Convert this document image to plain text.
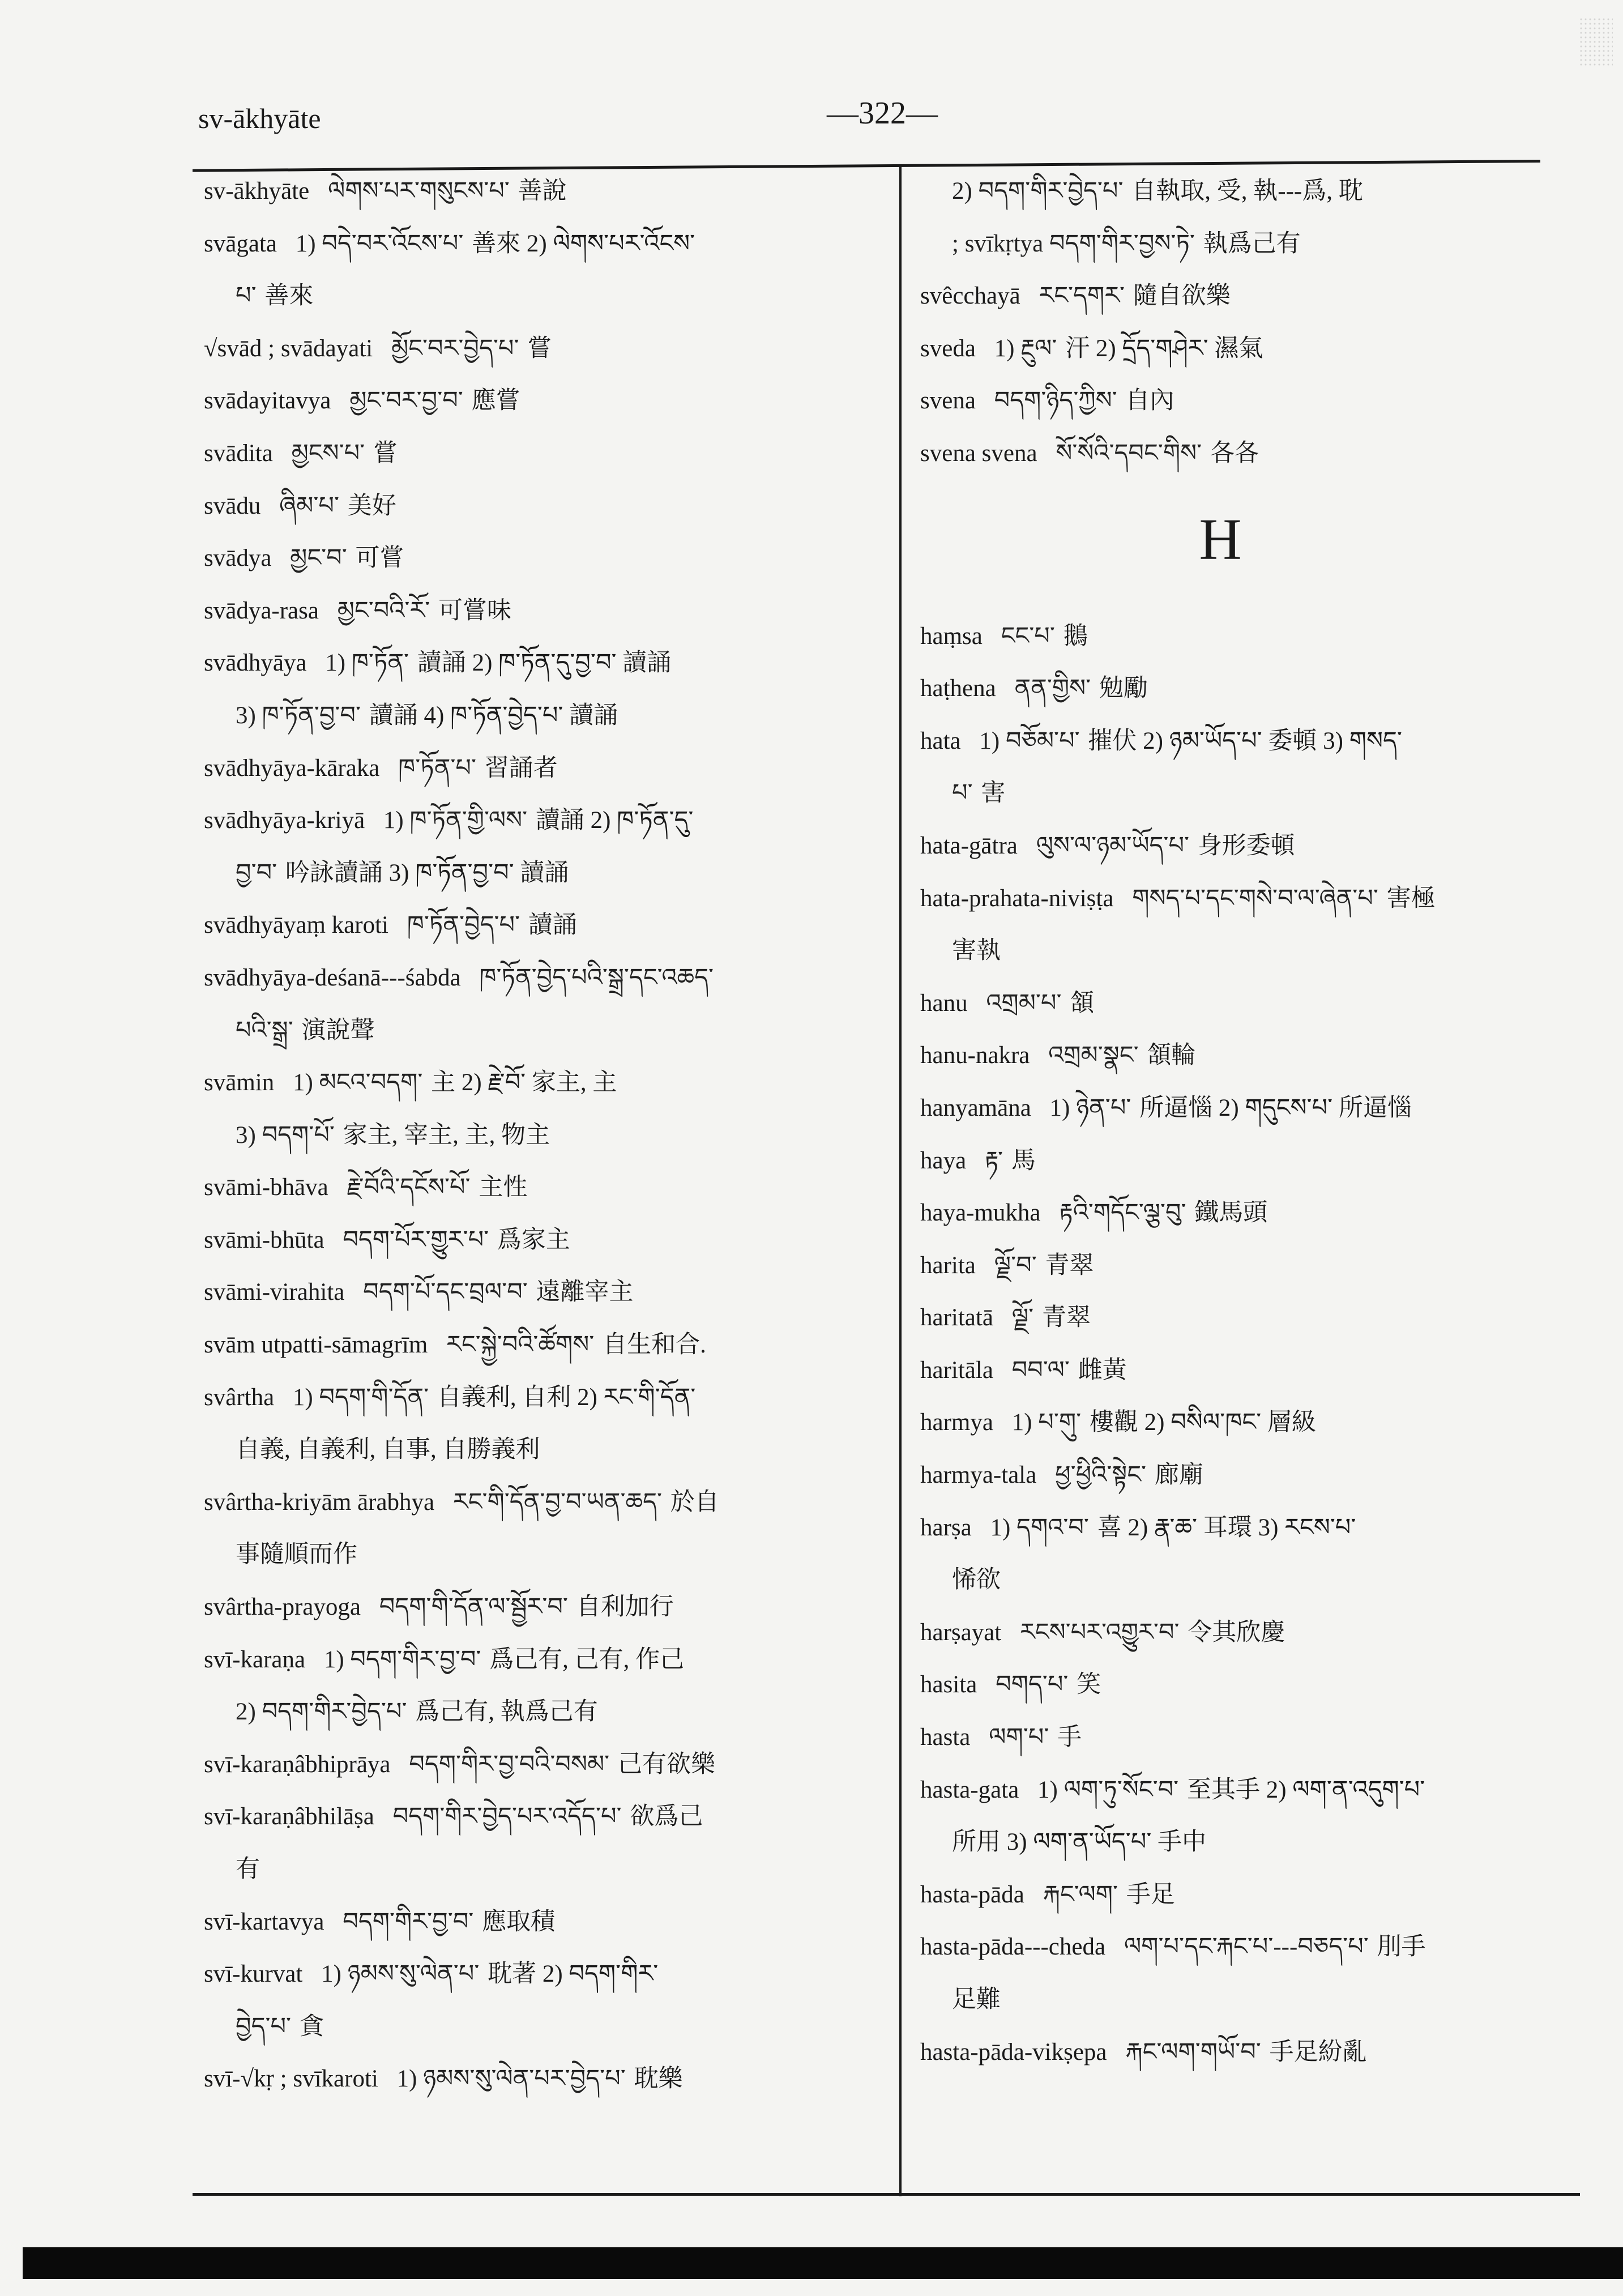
sv-ākhyāte	—322—
sv-ākhyāte ལེགས་པར་གསུངས་པ་ 善說
svāgata 1) བདེ་བར་འོངས་པ་ 善來 2) ལེགས་པར་འོངས་
པ་ 善來
√svād ; svādayati མྱོང་བར་བྱེད་པ་ 嘗
svādayitavya མྱང་བར་བྱ་བ་ 應嘗
svādita མྱངས་པ་ 嘗
svādu ཞིམ་པ་ 美好
svādya མྱང་བ་ 可嘗
svādya-rasa མྱང་བའི་རོ་ 可嘗味
svādhyāya 1) ཁ་ཏོན་ 讀誦 2) ཁ་ཏོན་དུ་བྱ་བ་ 讀誦
3) ཁ་ཏོན་བྱ་བ་ 讀誦 4) ཁ་ཏོན་བྱེད་པ་ 讀誦
svādhyāya-kāraka ཁ་ཏོན་པ་ 習誦者
svādhyāya-kriyā 1) ཁ་ཏོན་གྱི་ལས་ 讀誦 2) ཁ་ཏོན་དུ་
བྱ་བ་ 吟詠讀誦 3) ཁ་ཏོན་བྱ་བ་ 讀誦
svādhyāyaṃ karoti ཁ་ཏོན་བྱེད་པ་ 讀誦
svādhyāya-deśanā---śabda ཁ་ཏོན་བྱེད་པའི་སྒྲ་དང་འཆད་
པའི་སྒྲ་ 演說聲
svāmin 1) མངའ་བདག་ 主 2) རྗེ་བོ་ 家主, 主
3) བདག་པོ་ 家主, 宰主, 主, 物主
svāmi-bhāva རྗེ་བོའི་དངོས་པོ་ 主性
svāmi-bhūta བདག་པོར་གྱུར་པ་ 爲家主
svāmi-virahita བདག་པོ་དང་བྲལ་བ་ 遠離宰主
svām utpatti-sāmagrīm རང་སྐྱེ་བའི་ཚོགས་ 自生和合.
svârtha 1) བདག་གི་དོན་ 自義利, 自利 2) རང་གི་དོན་
自義, 自義利, 自事, 自勝義利
svârtha-kriyām ārabhya རང་གི་དོན་བྱ་བ་ཡན་ཆད་ 於自
事隨順而作
svârtha-prayoga བདག་གི་དོན་ལ་སྦྱོར་བ་ 自利加行
svī-karaṇa 1) བདག་གིར་བྱ་བ་ 爲己有, 己有, 作己
2) བདག་གིར་བྱེད་པ་ 爲己有, 執爲己有
svī-karaṇâbhiprāya བདག་གིར་བྱ་བའི་བསམ་ 己有欲樂
svī-karaṇâbhilāṣa བདག་གིར་བྱེད་པར་འདོད་པ་ 欲爲己
有
svī-kartavya བདག་གིར་བྱ་བ་ 應取積
svī-kurvat 1) ཉམས་སུ་ལེན་པ་ 耽著 2) བདག་གིར་
བྱེད་པ་ 貪
svī-√kṛ ; svīkaroti 1) ཉམས་སུ་ལེན་པར་བྱེད་པ་ 耽樂
2) བདག་གིར་བྱེད་པ་ 自執取, 受, 執---爲, 耽
; svīkṛtya བདག་གིར་བྱས་ཏེ་ 執爲己有
svêcchayā རང་དགར་ 隨自欲樂
sveda 1) རྔུལ་ 汗 2) དྲོད་གཤེར་ 濕氣
svena བདག་ཉིད་ཀྱིས་ 自內
svena svena སོ་སོའི་དབང་གིས་ 各各
H
haṃsa ངང་པ་ 鵝
haṭhena ནན་གྱིས་ 勉勵
hata 1) བཅོམ་པ་ 摧伏 2) ཉམ་ཡོད་པ་ 委頓 3) གསད་
པ་ 害
hata-gātra ལུས་ལ་ཉམ་ཡོད་པ་ 身形委頓
hata-prahata-niviṣṭa གསད་པ་དང་གསེ་བ་ལ་ཞེན་པ་ 害極
害執
hanu འགྲམ་པ་ 頷
hanu-nakra འགྲམ་སྣང་ 頷輪
hanyamāna 1) ཉེན་པ་ 所逼惱 2) གདུངས་པ་ 所逼惱
haya རྟ་ 馬
haya-mukha རྟའི་གདོང་ལྕ་བུ་ 鐵馬頭
harita ལྗོ་བ་ 青翠
haritatā ལྗོ་ 青翠
haritāla བབ་ལ་ 雌黃
harmya 1) པ་གུ་ 樓觀 2) བསིལ་ཁང་ 層級
harmya-tala ཕྱ་ཕྱིའི་སྟེང་ 廊廟
harṣa 1) དགའ་བ་ 喜 2) རྣ་ཆ་ 耳環 3) རངས་པ་
悕欲
harṣayat རངས་པར་འགྱུར་བ་ 令其欣慶
hasita བགད་པ་ 笑
hasta ལག་པ་ 手
hasta-gata 1) ལག་ཏུ་སོང་བ་ 至其手 2) ལག་ན་འདུག་པ་
所用 3) ལག་ན་ཡོད་པ་ 手中
hasta-pāda རྐང་ལག་ 手足
hasta-pāda---cheda ལག་པ་དང་རྐང་པ་---བཅད་པ་ 刖手
足難
hasta-pāda-vikṣepa རྐང་ལག་གཡོ་བ་ 手足紛亂
